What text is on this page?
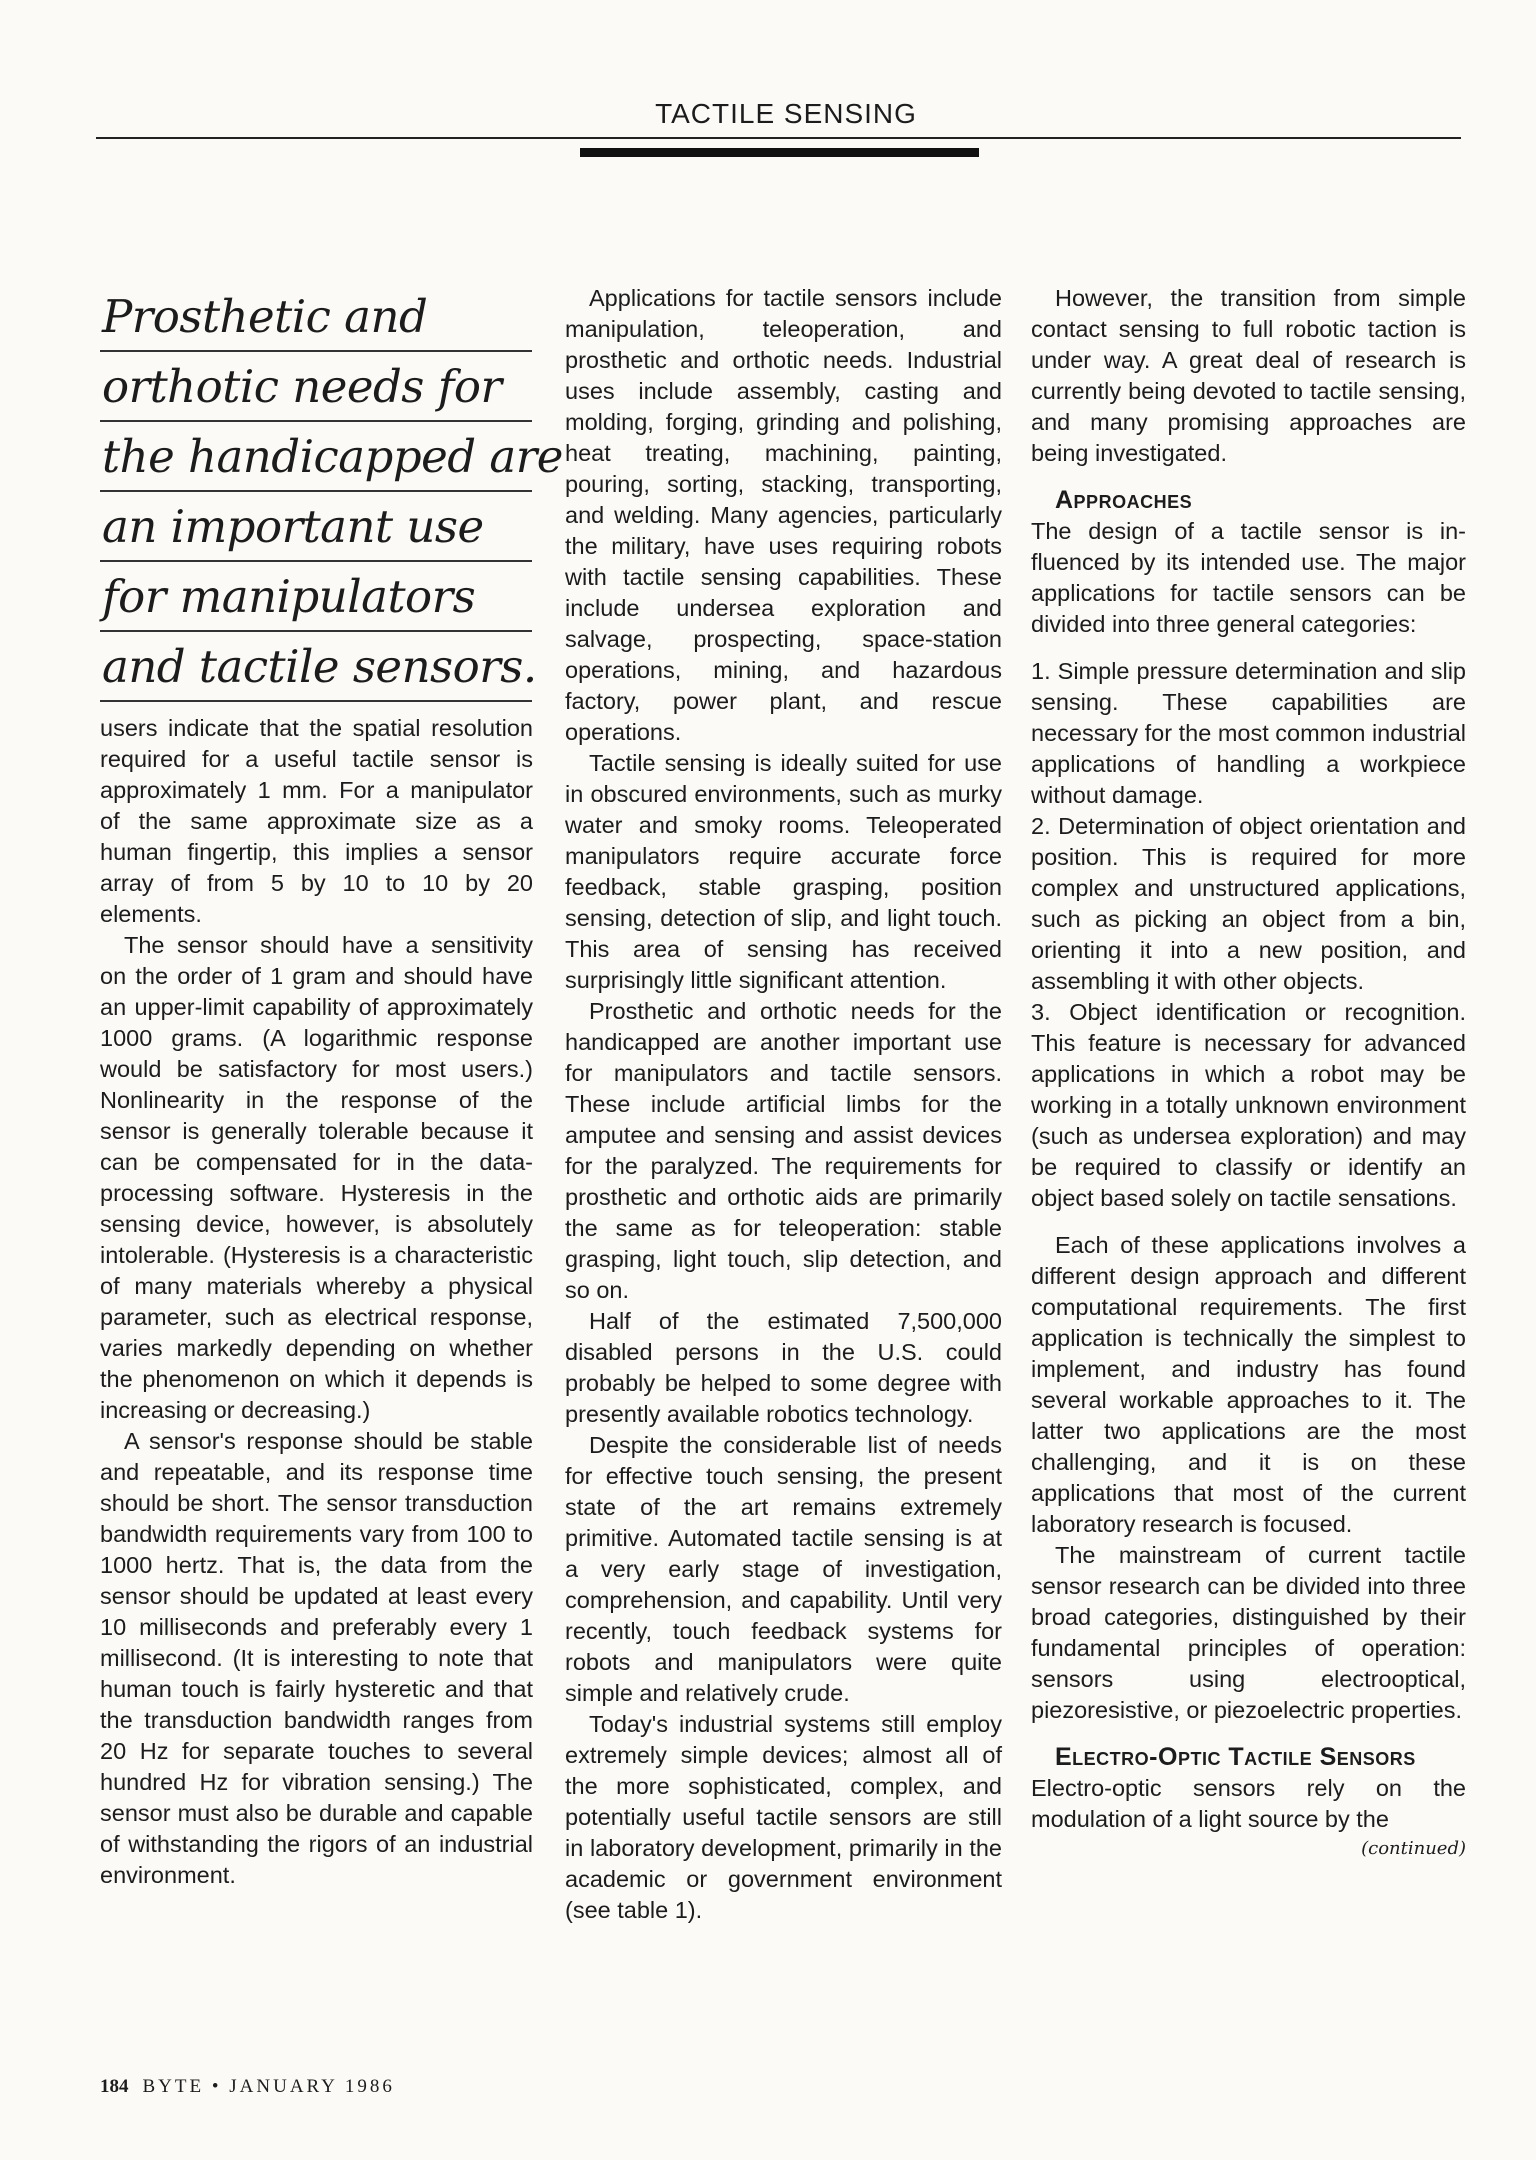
TACTILE SENSING
Prosthetic and
orthotic needs for
the handicapped are
an important use
for manipulators
and tactile sensors.

users indicate that the spatial resolution required for a useful tactile sensor is approximately 1 mm. For a manipulator of the same approximate size as a human fingertip, this implies a sensor array of from 5 by 10 to 10 by 20 elements.

The sensor should have a sensitivity on the order of 1 gram and should have an upper-limit capability of approximately 1000 grams. (A logarithmic response would be satisfactory for most users.) Nonlinearity in the response of the sensor is generally tolerable because it can be compensated for in the data-processing software. Hysteresis in the sensing device, however, is absolutely intolerable. (Hysteresis is a characteristic of many materials whereby a physical parameter, such as electrical response, varies markedly depending on whether the phenomenon on which it depends is increasing or decreasing.)

A sensor's response should be stable and repeatable, and its response time should be short. The sensor transduction bandwidth requirements vary from 100 to 1000 hertz. That is, the data from the sensor should be updated at least every 10 milliseconds and preferably every 1 millisecond. (It is interesting to note that human touch is fairly hysteretic and that the transduction bandwidth ranges from 20 Hz for separate touches to several hundred Hz for vibration sensing.) The sensor must also be durable and capable of withstanding the rigors of an industrial environment.

Applications for tactile sensors include manipulation, teleoperation, and prosthetic and orthotic needs. Industrial uses include assembly, casting and molding, forging, grinding and polishing, heat treating, machining, painting, pouring, sorting, stacking, transporting, and welding. Many agencies, particularly the military, have uses requiring robots with tactile sensing capabilities. These include undersea exploration and salvage, prospecting, space-station operations, mining, and hazardous factory, power plant, and rescue operations.

Tactile sensing is ideally suited for use in obscured environments, such as murky water and smoky rooms. Teleoperated manipulators require accurate force feedback, stable grasping, position sensing, detection of slip, and light touch. This area of sensing has received surprisingly little significant attention.

Prosthetic and orthotic needs for the handicapped are another important use for manipulators and tactile sensors. These include artificial limbs for the amputee and sensing and assist devices for the paralyzed. The requirements for prosthetic and orthotic aids are primarily the same as for teleoperation: stable grasping, light touch, slip detection, and so on.

Half of the estimated 7,500,000 disabled persons in the U.S. could probably be helped to some degree with presently available robotics technology.

Despite the considerable list of needs for effective touch sensing, the present state of the art remains extremely primitive. Automated tactile sensing is at a very early stage of investigation, comprehension, and capability. Until very recently, touch feedback systems for robots and manipulators were quite simple and relatively crude.

Today's industrial systems still employ extremely simple devices; almost all of the more sophisticated, complex, and potentially useful tactile sensors are still in laboratory development, primarily in the academic or government environment (see table 1).

However, the transition from simple contact sensing to full robotic taction is under way. A great deal of research is currently being devoted to tactile sensing, and many promising approaches are being investigated.

Approaches

The design of a tactile sensor is influenced by its intended use. The major applications for tactile sensors can be divided into three general categories:

1. Simple pressure determination and slip sensing. These capabilities are necessary for the most common industrial applications of handling a workpiece without damage.

2. Determination of object orientation and position. This is required for more complex and unstructured applications, such as picking an object from a bin, orienting it into a new position, and assembling it with other objects.

3. Object identification or recognition. This feature is necessary for advanced applications in which a robot may be working in a totally unknown environment (such as undersea exploration) and may be required to classify or identify an object based solely on tactile sensations.

Each of these applications involves a different design approach and different computational requirements. The first application is technically the simplest to implement, and industry has found several workable approaches to it. The latter two applications are the most challenging, and it is on these applications that most of the current laboratory research is focused.

The mainstream of current tactile sensor research can be divided into three broad categories, distinguished by their fundamental principles of operation: sensors using electrooptical, piezoresistive, or piezoelectric properties.

Electro-Optic Tactile Sensors

Electro-optic sensors rely on the modulation of a light source by the

(continued)

184 BYTE • JANUARY 1986
